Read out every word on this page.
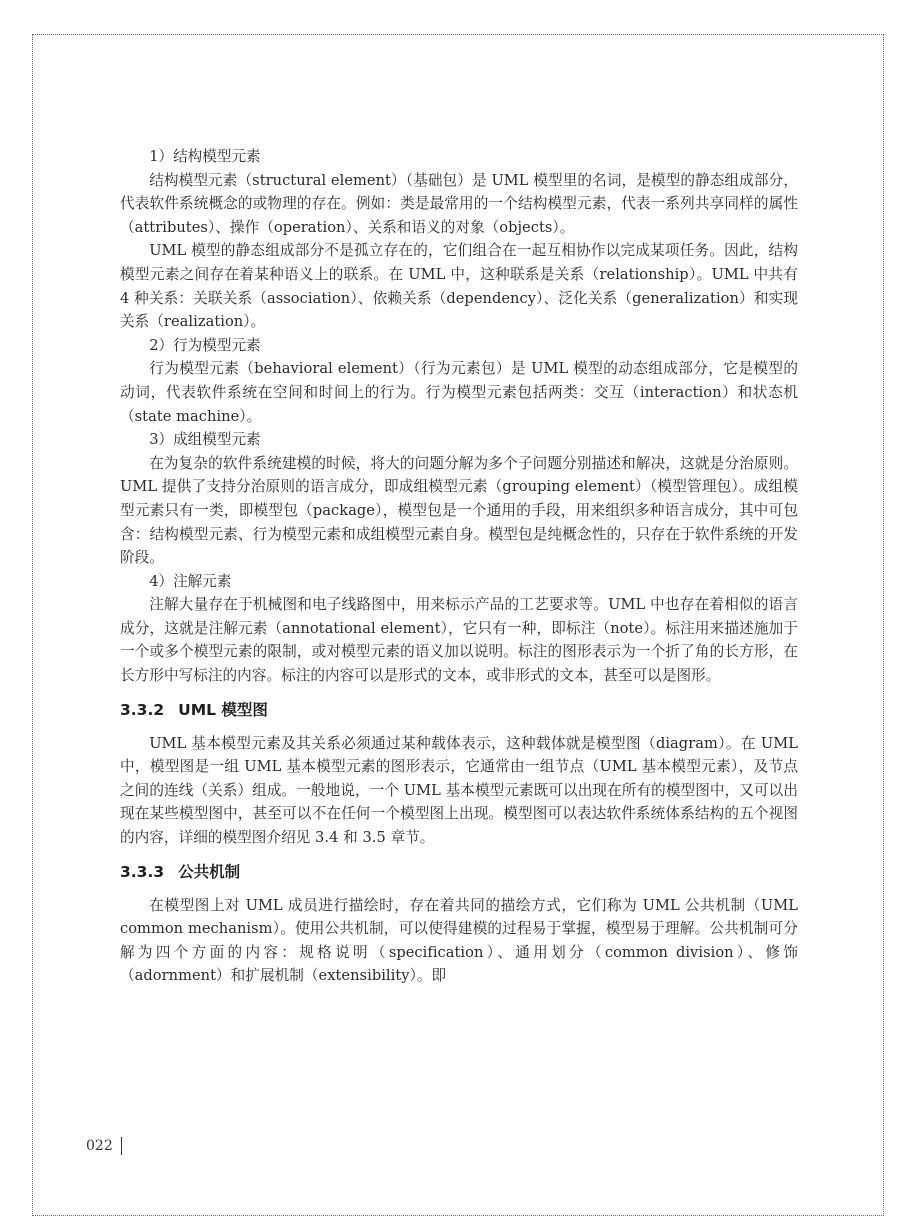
1）结构模型元素

结构模型元素（structural element）（基础包）是 UML 模型里的名词，是模型的静态组成部分，代表软件系统概念的或物理的存在。例如：类是最常用的一个结构模型元素，代表一系列共享同样的属性（attributes）、操作（operation）、关系和语义的对象（objects）。

UML 模型的静态组成部分不是孤立存在的，它们组合在一起互相协作以完成某项任务。因此，结构模型元素之间存在着某种语义上的联系。在 UML 中，这种联系是关系（relationship）。UML 中共有 4 种关系：关联关系（association）、依赖关系（dependency）、泛化关系（generalization）和实现关系（realization）。

2）行为模型元素

行为模型元素（behavioral element）（行为元素包）是 UML 模型的动态组成部分，它是模型的动词，代表软件系统在空间和时间上的行为。行为模型元素包括两类：交互（interaction）和状态机（state machine）。

3）成组模型元素

在为复杂的软件系统建模的时候，将大的问题分解为多个子问题分别描述和解决，这就是分治原则。UML 提供了支持分治原则的语言成分，即成组模型元素（grouping element）（模型管理包）。成组模型元素只有一类，即模型包（package），模型包是一个通用的手段，用来组织多种语言成分，其中可包含：结构模型元素、行为模型元素和成组模型元素自身。模型包是纯概念性的，只存在于软件系统的开发阶段。

4）注解元素

注解大量存在于机械图和电子线路图中，用来标示产品的工艺要求等。UML 中也存在着相似的语言成分，这就是注解元素（annotational element），它只有一种，即标注（note）。标注用来描述施加于一个或多个模型元素的限制，或对模型元素的语义加以说明。标注的图形表示为一个折了角的长方形，在长方形中写标注的内容。标注的内容可以是形式的文本，或非形式的文本，甚至可以是图形。

3.3.2 UML 模型图

UML 基本模型元素及其关系必须通过某种载体表示，这种载体就是模型图（diagram）。在 UML 中，模型图是一组 UML 基本模型元素的图形表示，它通常由一组节点（UML 基本模型元素），及节点之间的连线（关系）组成。一般地说，一个 UML 基本模型元素既可以出现在所有的模型图中，又可以出现在某些模型图中，甚至可以不在任何一个模型图上出现。模型图可以表达软件系统体系结构的五个视图的内容，详细的模型图介绍见 3.4 和 3.5 章节。

3.3.3 公共机制

在模型图上对 UML 成员进行描绘时，存在着共同的描绘方式，它们称为 UML 公共机制（UML common mechanism）。使用公共机制，可以使得建模的过程易于掌握，模型易于理解。公共机制可分解为四个方面的内容：规格说明（specification）、通用划分（common division）、修饰（adornment）和扩展机制（extensibility）。即

022
